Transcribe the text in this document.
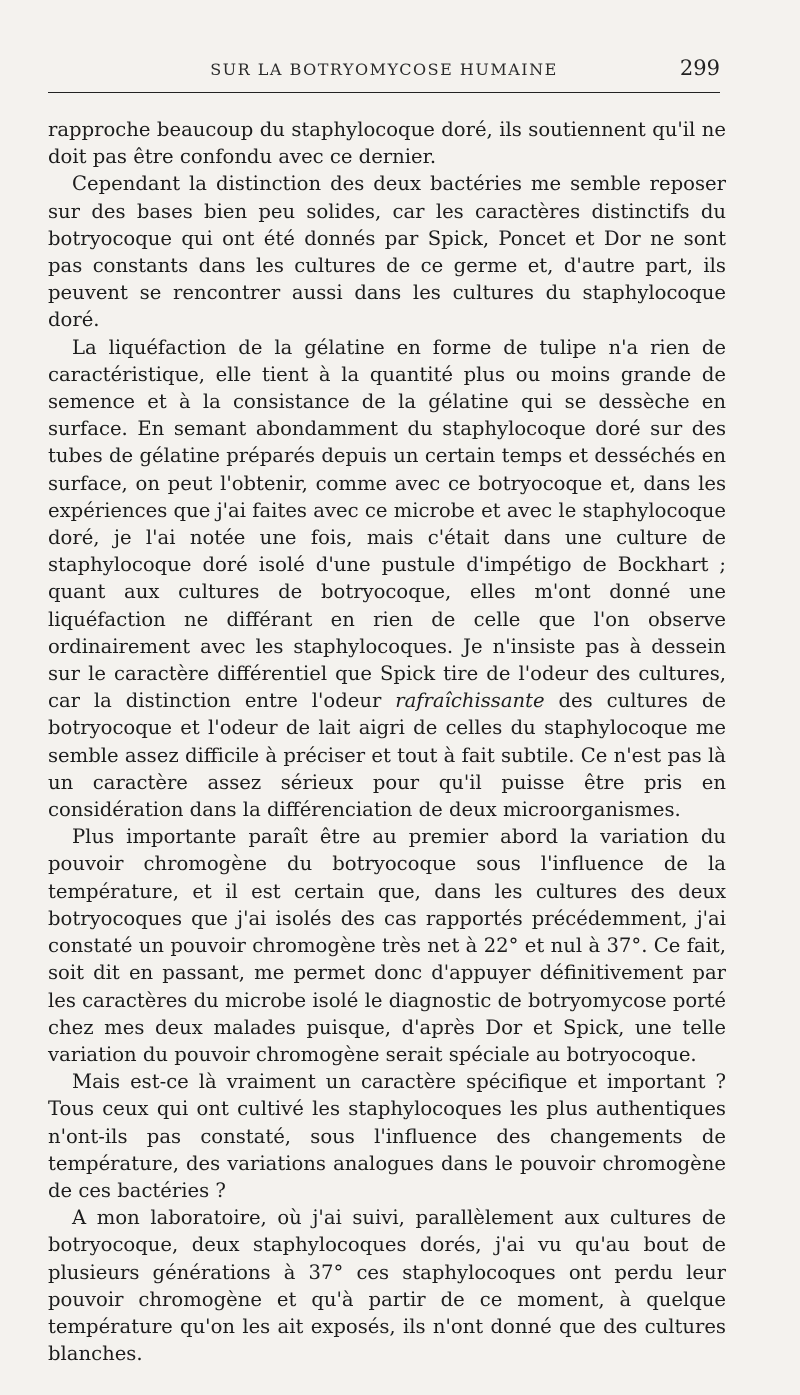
SUR LA BOTRYOMYCOSE HUMAINE	299

rapproche beaucoup du staphylocoque doré, ils soutiennent qu'il ne doit pas être confondu avec ce dernier.

Cependant la distinction des deux bactéries me semble reposer sur des bases bien peu solides, car les caractères distinctifs du botryocoque qui ont été donnés par Spick, Poncet et Dor ne sont pas constants dans les cultures de ce germe et, d'autre part, ils peuvent se rencontrer aussi dans les cultures du staphylocoque doré.

La liquéfaction de la gélatine en forme de tulipe n'a rien de caractéristique, elle tient à la quantité plus ou moins grande de semence et à la consistance de la gélatine qui se dessèche en surface. En semant abondamment du staphylocoque doré sur des tubes de gélatine préparés depuis un certain temps et desséchés en surface, on peut l'obtenir, comme avec ce botryocoque et, dans les expériences que j'ai faites avec ce microbe et avec le staphylocoque doré, je l'ai notée une fois, mais c'était dans une culture de staphylocoque doré isolé d'une pustule d'impétigo de Bockhart ; quant aux cultures de botryocoque, elles m'ont donné une liquéfaction ne différant en rien de celle que l'on observe ordinairement avec les staphylocoques. Je n'insiste pas à dessein sur le caractère différentiel que Spick tire de l'odeur des cultures, car la distinction entre l'odeur rafraîchissante des cultures de botryocoque et l'odeur de lait aigri de celles du staphylocoque me semble assez difficile à préciser et tout à fait subtile. Ce n'est pas là un caractère assez sérieux pour qu'il puisse être pris en considération dans la différenciation de deux microorganismes.

Plus importante paraît être au premier abord la variation du pouvoir chromogène du botryocoque sous l'influence de la température, et il est certain que, dans les cultures des deux botryocoques que j'ai isolés des cas rapportés précédemment, j'ai constaté un pouvoir chromogène très net à 22° et nul à 37°. Ce fait, soit dit en passant, me permet donc d'appuyer définitivement par les caractères du microbe isolé le diagnostic de botryomycose porté chez mes deux malades puisque, d'après Dor et Spick, une telle variation du pouvoir chromogène serait spéciale au botryocoque.

Mais est-ce là vraiment un caractère spécifique et important ? Tous ceux qui ont cultivé les staphylocoques les plus authentiques n'ont-ils pas constaté, sous l'influence des changements de température, des variations analogues dans le pouvoir chromogène de ces bactéries ?

A mon laboratoire, où j'ai suivi, parallèlement aux cultures de botryocoque, deux staphylocoques dorés, j'ai vu qu'au bout de plusieurs générations à 37° ces staphylocoques ont perdu leur pouvoir chromogène et qu'à partir de ce moment, à quelque température qu'on les ait exposés, ils n'ont donné que des cultures blanches.
